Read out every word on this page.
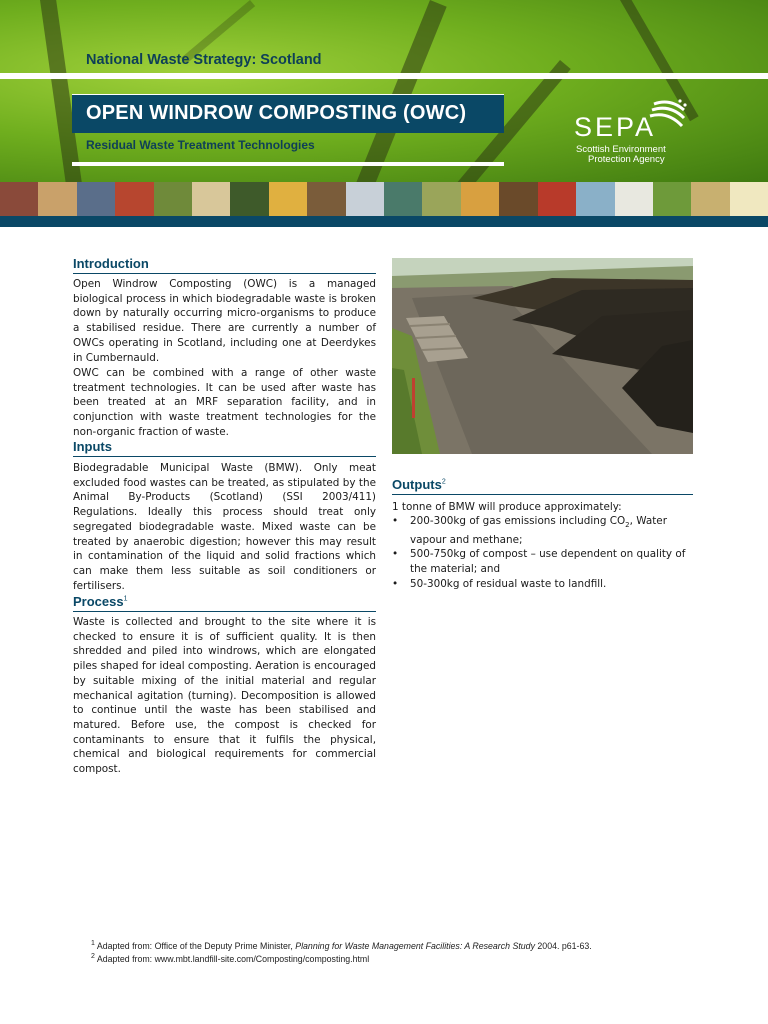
National Waste Strategy: Scotland
OPEN WINDROW COMPOSTING (OWC)
Residual Waste Treatment Technologies
SEPA
Scottish Environment
Protection Agency
Introduction

Open Windrow Composting (OWC) is a managed biological process in which biodegradable waste is broken down by naturally occurring micro-organisms to produce a stabilised residue. There are currently a number of OWCs operating in Scotland, including one at Deerdykes in Cumbernauld.

OWC can be combined with a range of other waste treatment technologies. It can be used after waste has been treated at an MRF separation facility, and in conjunction with waste treatment technologies for the non-organic fraction of waste.

Inputs

Biodegradable Municipal Waste (BMW). Only meat excluded food wastes can be treated, as stipulated by the Animal By-Products (Scotland) (SSI 2003/411) Regulations. Ideally this process should treat only segregated biodegradable waste. Mixed waste can be treated by anaerobic digestion; however this may result in contamination of the liquid and solid fractions which can make them less suitable as soil conditioners or fertilisers.

Process$^1$

Waste is collected and brought to the site where it is checked to ensure it is of sufficient quality. It is then shredded and piled into windrows, which are elongated piles shaped for ideal composting. Aeration is encouraged by suitable mixing of the initial material and regular mechanical agitation (turning). Decomposition is allowed to continue until the waste has been stabilised and matured. Before use, the compost is checked for contaminants to ensure that it fulfils the physical, chemical and biological requirements for commercial compost.

Outputs$^2$

1 tonne of BMW will produce approximately:

• 200-300kg of gas emissions including $CO_2$, Water vapour and methane;
• 500-750kg of compost – use dependent on quality of the material; and
• 50-300kg of residual waste to landfill.
$^1$ Adapted from: Office of the Deputy Prime Minister, Planning for Waste Management Facilities: A Research Study 2004. p61-63.
$^2$ Adapted from: www.mbt.landfill-site.com/Composting/composting.html
